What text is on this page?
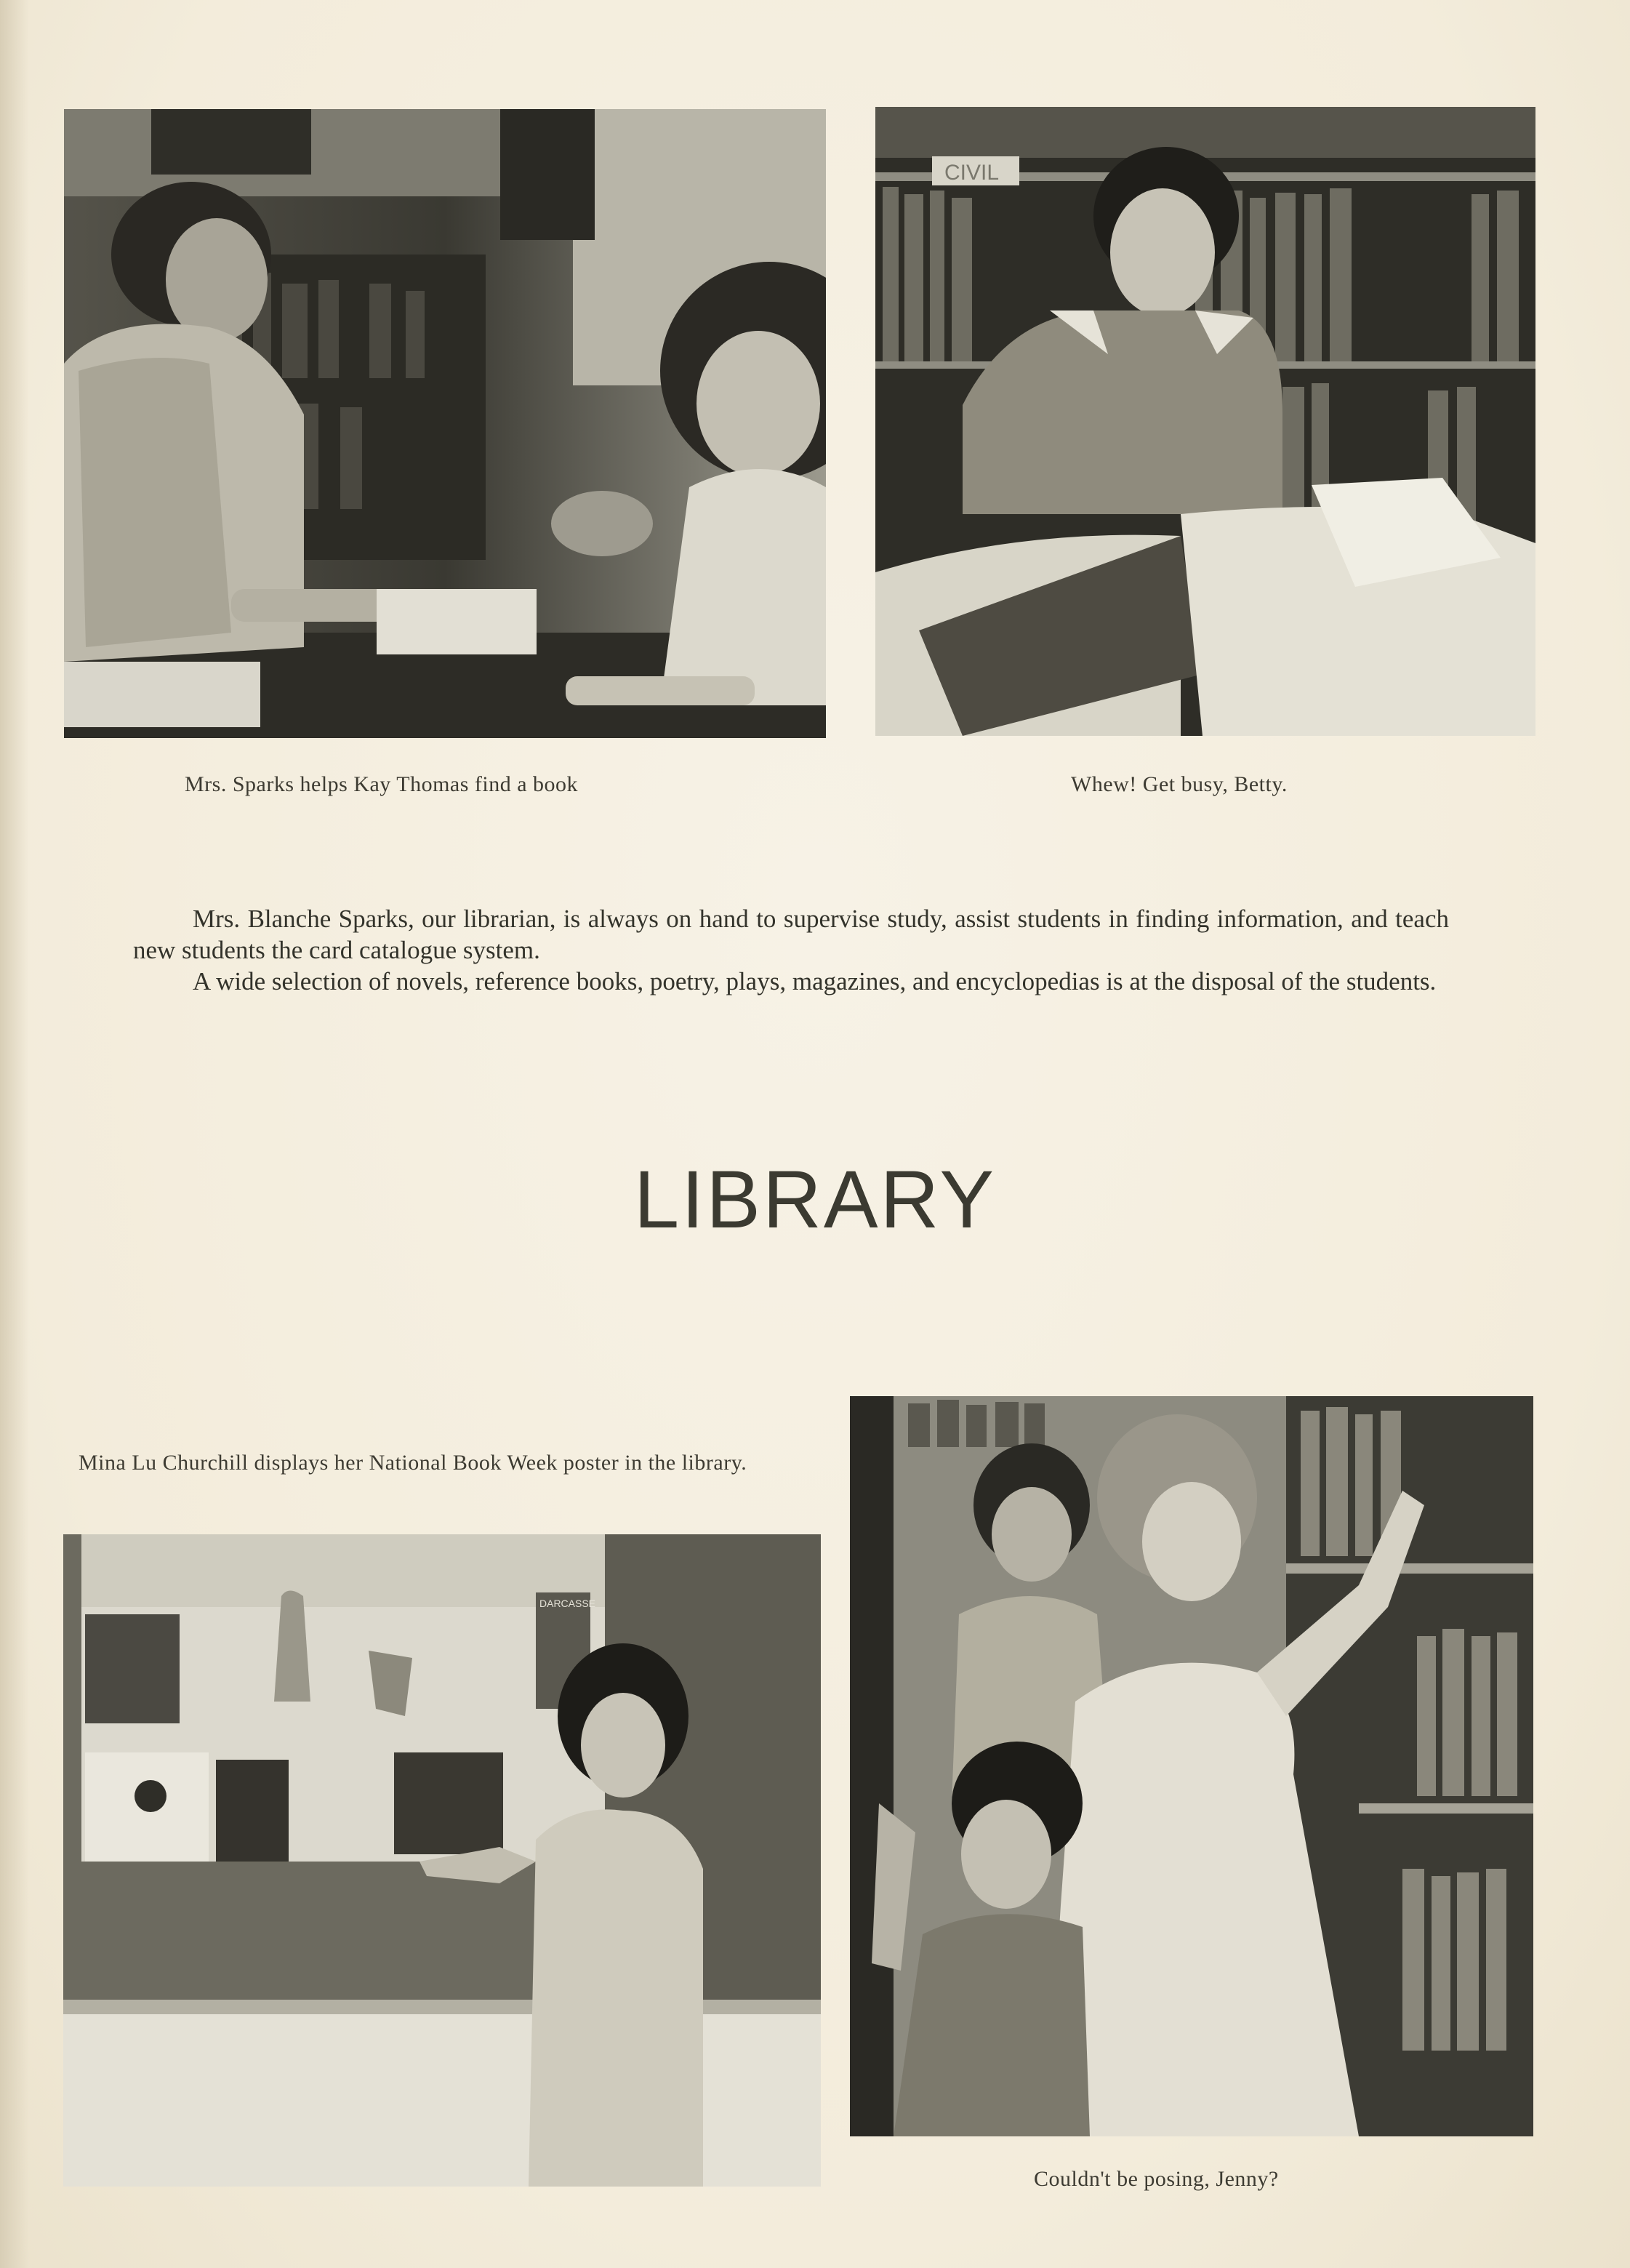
CIVIL
Mrs. Sparks helps Kay Thomas find a book	Whew! Get busy, Betty.

Mrs. Blanche Sparks, our librarian, is always on hand to supervise study, assist students in finding information, and teach new students the card catalogue system.

A wide selection of novels, reference books, poetry, plays, magazines, and encyclopedias is at the disposal of the students.

LIBRARY
Mina Lu Churchill displays her National Book Week poster in the library.
DARCASSE
Couldn't be posing, Jenny?
